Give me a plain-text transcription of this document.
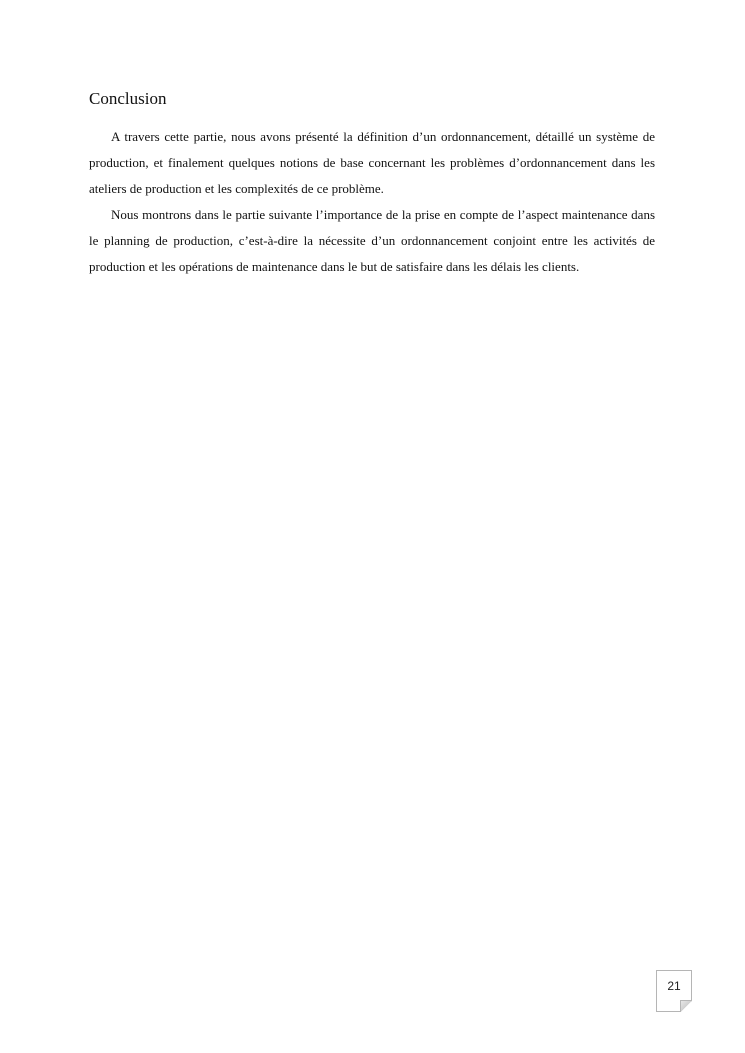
Conclusion

A travers cette partie, nous avons présenté la définition d’un ordonnancement, détaillé un système de production, et finalement quelques notions de base concernant les problèmes d’ordonnancement dans les ateliers de production et les complexités de ce problème.

Nous montrons dans le partie suivante l’importance de la prise en compte de l’aspect maintenance dans le planning de production, c’est-à-dire la nécessite d’un ordonnancement conjoint entre les activités de production et les opérations de maintenance dans le but de satisfaire dans les délais les clients.

21
